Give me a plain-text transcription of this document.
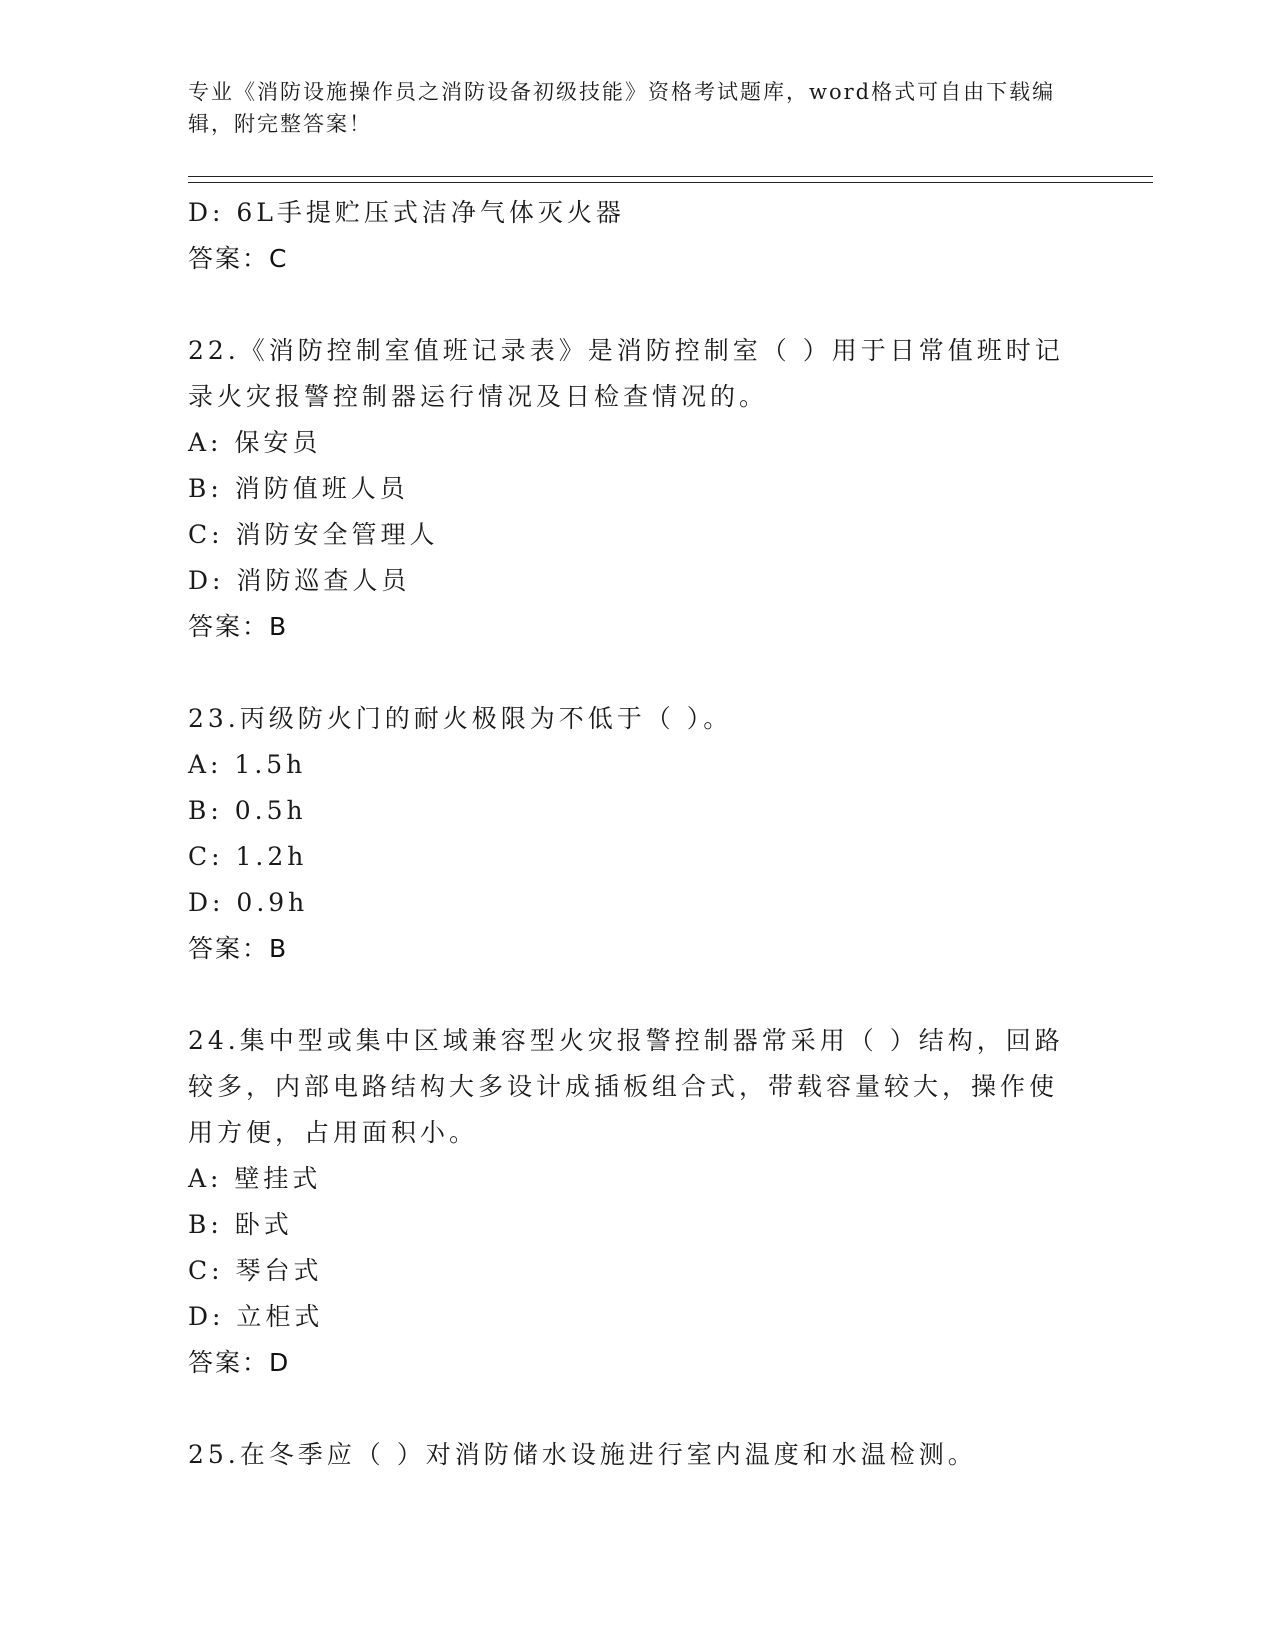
专业《消防设施操作员之消防设备初级技能》资格考试题库，word格式可自由下载编辑，附完整答案！
D: 6L手提贮压式洁净气体灭火器
答案：C
22.《消防控制室值班记录表》是消防控制室（ ）用于日常值班时记录火灾报警控制器运行情况及日检查情况的。
A: 保安员
B: 消防值班人员
C: 消防安全管理人
D: 消防巡查人员
答案：B
23.丙级防火门的耐火极限为不低于（ ）。
A: 1.5h
B: 0.5h
C: 1.2h
D: 0.9h
答案：B
24.集中型或集中区域兼容型火灾报警控制器常采用（ ）结构，回路较多，内部电路结构大多设计成插板组合式，带载容量较大，操作使用方便，占用面积小。
A: 壁挂式
B: 卧式
C: 琴台式
D: 立柜式
答案：D
25.在冬季应（ ）对消防储水设施进行室内温度和水温检测。
